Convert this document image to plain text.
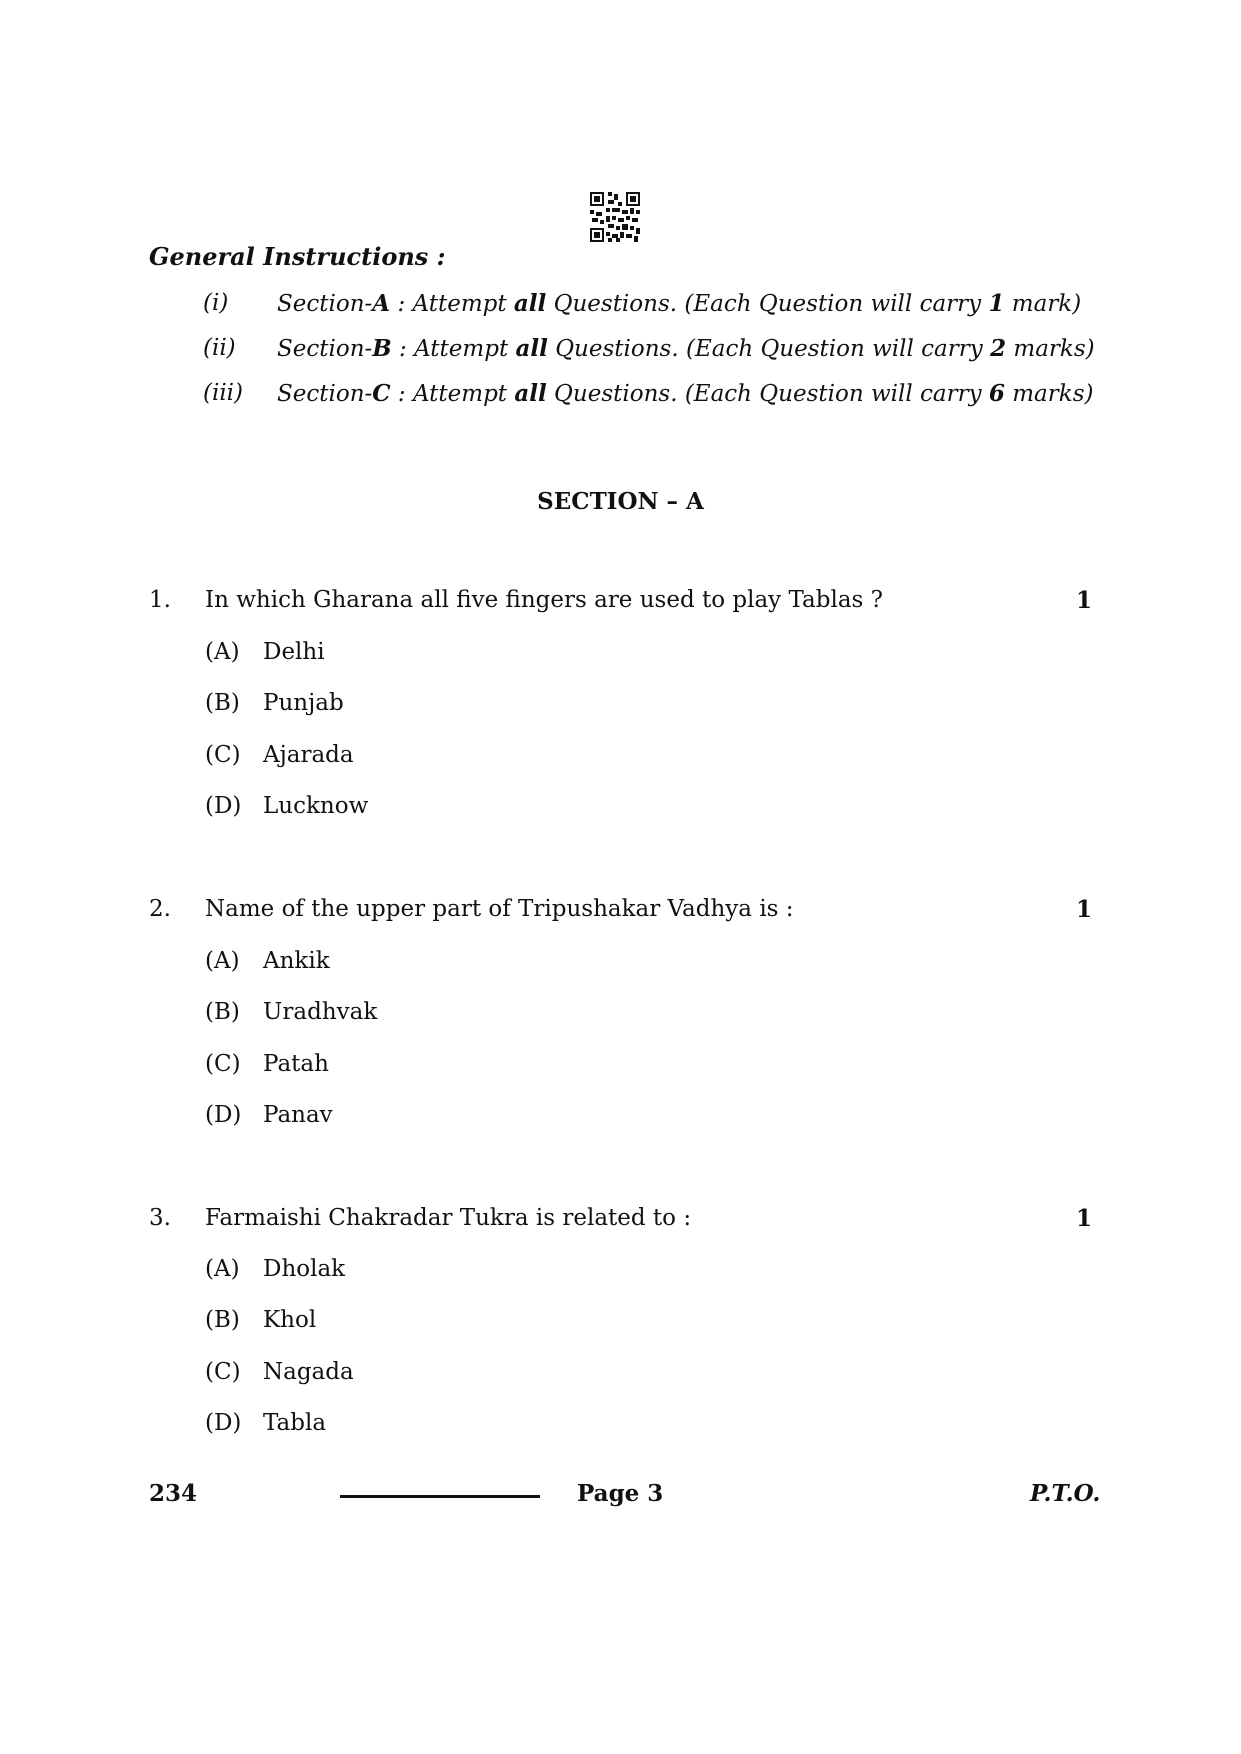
General Instructions :

(i) Section-A : Attempt all Questions. (Each Question will carry 1 mark)
(ii) Section-B : Attempt all Questions. (Each Question will carry 2 marks)
(iii) Section-C : Attempt all Questions. (Each Question will carry 6 marks)

SECTION – A

1. In which Gharana all five fingers are used to play Tablas ?	1
(A) Delhi
(B) Punjab
(C) Ajarada
(D) Lucknow
2. Name of the upper part of Tripushakar Vadhya is :	1
(A) Ankik
(B) Uradhvak
(C) Patah
(D) Panav
3. Farmaishi Chakradar Tukra is related to :	1
(A) Dholak
(B) Khol
(C) Nagada
(D) Tabla
234	Page 3	P.T.O.
